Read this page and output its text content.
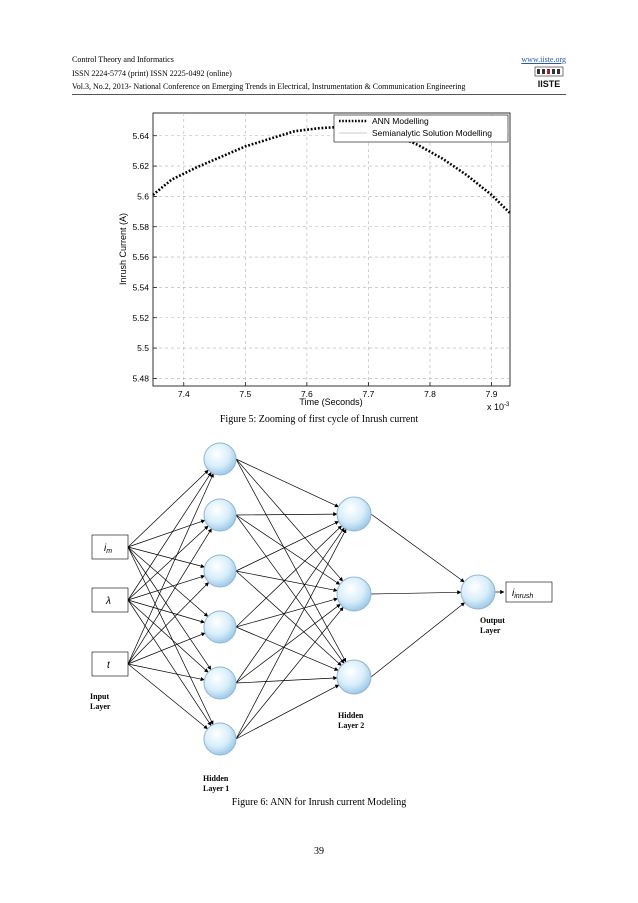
Control Theory and Informatics
ISSN 2224-5774 (print) ISSN 2225-0492 (online)
Vol.3, No.2, 2013- National Conference on Emerging Trends in Electrical, Instrumentation & Communication Engineering
www.iiste.org
IISTE
5.48
5.5
5.52
5.54
5.56
5.58
5.6
5.62
5.64
7.4	7.5	7.6	7.7	7.8	7.9
Time (Seconds)
Inrush Current (A)
x $10^{-3}$
ANN Modelling
Semianalytic Solution Modelling
Figure 5: Zooming of first cycle of Inrush current
$i_m$
λ
t
$i_{inrush}$
Input Layer
Hidden Layer 1
Hidden Layer 2
Output Layer
Figure 6: ANN for Inrush current Modeling
39
